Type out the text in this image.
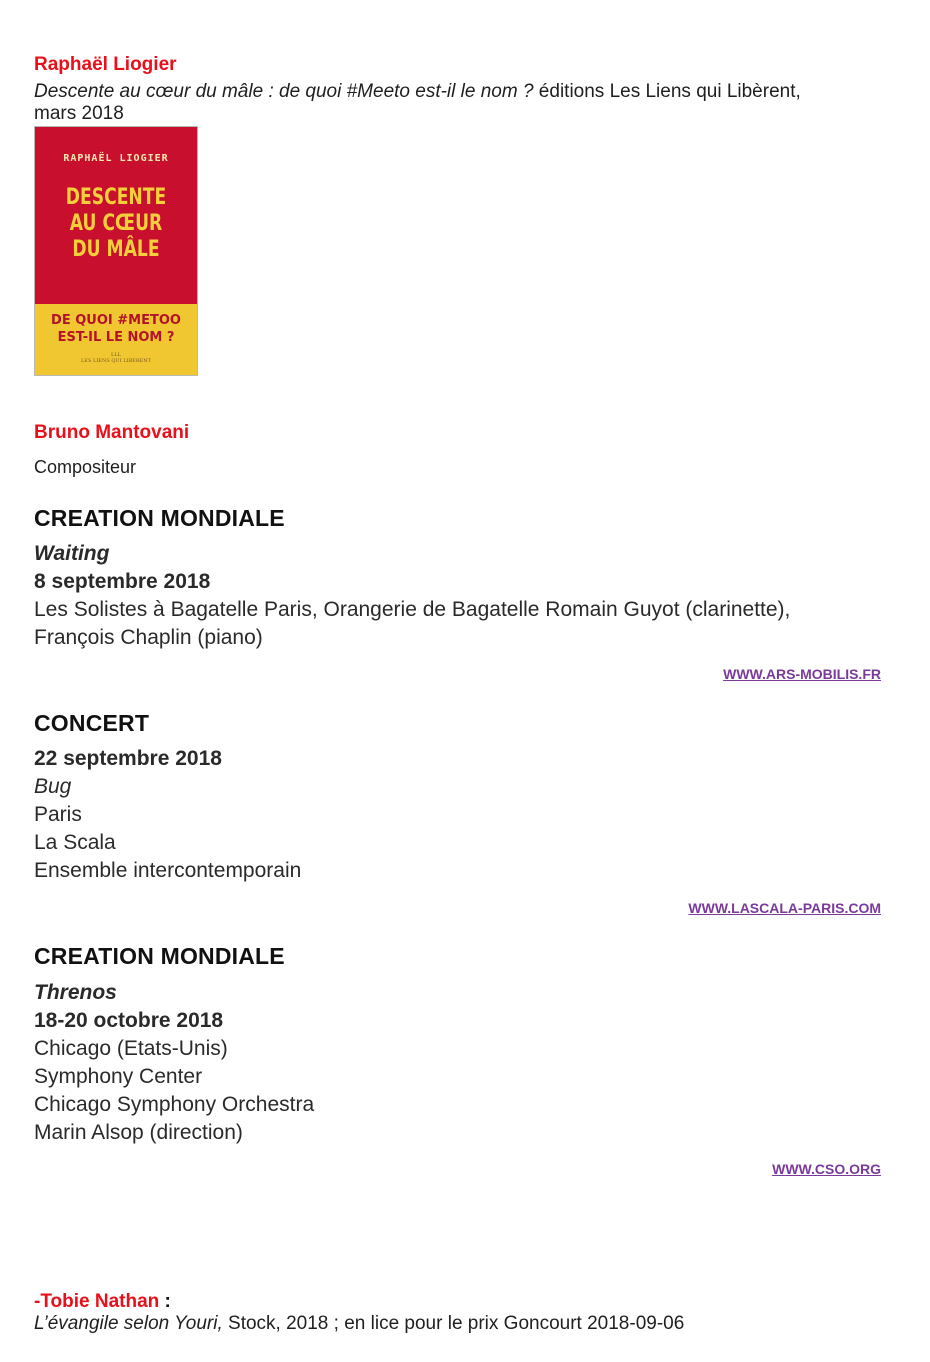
Raphaël Liogier
Descente au cœur du mâle : de quoi #Meeto est-il le nom ? éditions Les Liens qui Libèrent,
mars 2018
RAPHAËL LIOGIER
DESCENTE
AU CŒUR
DU MÂLE
DE QUOI #METOO
EST-IL LE NOM ?
LLL
LES LIENS QUI LIBÈRENT
Bruno Mantovani
Compositeur
CREATION MONDIALE
Waiting
8 septembre 2018
Les Solistes à Bagatelle Paris, Orangerie de Bagatelle Romain Guyot (clarinette),
François Chaplin (piano)
WWW.ARS-MOBILIS.FR
CONCERT
22 septembre 2018
Bug
Paris
La Scala
Ensemble intercontemporain
WWW.LASCALA-PARIS.COM
CREATION MONDIALE
Threnos
18-20 octobre 2018
Chicago (Etats-Unis)
Symphony Center
Chicago Symphony Orchestra
Marin Alsop (direction)
WWW.CSO.ORG
-Tobie Nathan :
L’évangile selon Youri, Stock, 2018 ; en lice pour le prix Goncourt 2018-09-06
